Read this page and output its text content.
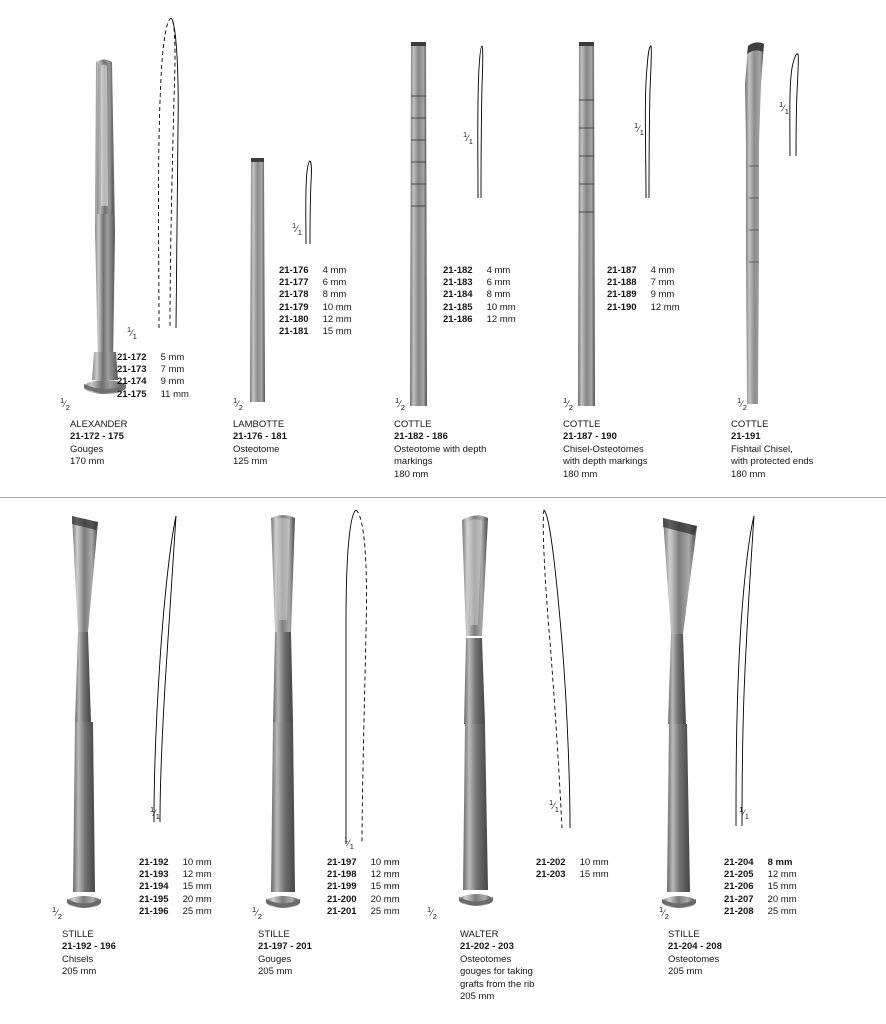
$^1⁄_1$
$^1⁄_2$
$^1⁄_1$
$^1⁄_2$
$^1⁄_1$
$^1⁄_2$
$^1⁄_1$
$^1⁄_2$
$^1⁄_1$
$^1⁄_2$
$^1⁄_1$
$^1⁄_2$
$^1⁄_1$
$^1⁄_2$
$^1⁄_1$
$^1⁄_2$
$^1⁄_1$
$^1⁄_2$
21-172	5 mm
21-173	7 mm
21-174	9 mm
21-175	11 mm
21-176	4 mm
21-177	6 mm
21-178	8 mm
21-179	10 mm
21-180	12 mm
21-181	15 mm
21-182	4 mm
21-183	6 mm
21-184	8 mm
21-185	10 mm
21-186	12 mm
21-187	4 mm
21-188	7 mm
21-189	9 mm
21-190	12 mm
ALEXANDER
21-172 - 175
Gouges
170 mm
LAMBOTTE
21-176 - 181
Osteotome
125 mm
COTTLE
21-182 - 186
Osteotome with depth
markings
180 mm
COTTLE
21-187 - 190
Chisel-Osteotomes
with depth markings
180 mm
COTTLE
21-191
Fishtail Chisel,
with protected ends
180 mm
21-192	10 mm
21-193	12 mm
21-194	15 mm
21-195	20 mm
21-196	25 mm
21-197	10 mm
21-198	12 mm
21-199	15 mm
21-200	20 mm
21-201	25 mm
21-202	10 mm
21-203	15 mm
21-204	8 mm
21-205	12 mm
21-206	15 mm
21-207	20 mm
21-208	25 mm
STILLE
21-192 - 196
Chisels
205 mm
STILLE
21-197 - 201
Gouges
205 mm
WALTER
21-202 - 203
Osteotomes
gouges for taking
grafts from the rib
205 mm
STILLE
21-204 - 208
Osteotomes
205 mm
